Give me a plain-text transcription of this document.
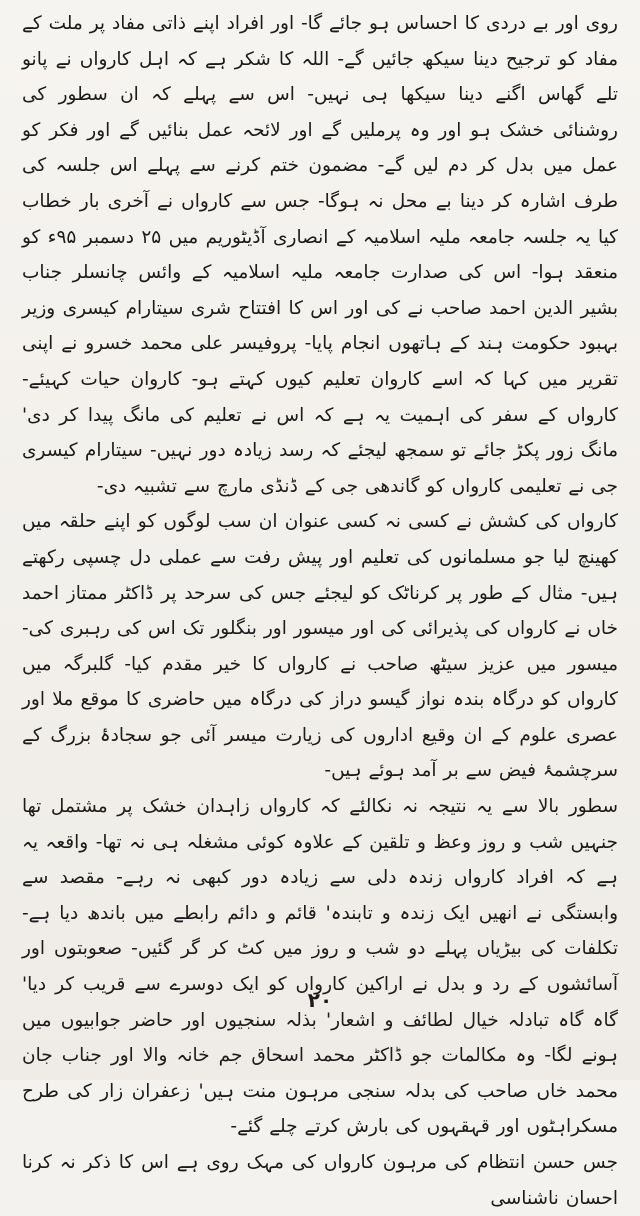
روی اور بے دردی کا احساس ہو جائے گا- اور افراد اپنے ذاتی مفاد پر ملت کے مفاد کو ترجیح دینا سیکھ جائیں گے- اللہ کا شکر ہے کہ اہل کارواں نے پانو تلے گھاس اگنے دینا سیکھا ہی نہیں- اس سے پہلے کہ ان سطور کی روشنائی خشک ہو اور وہ پرملیں گے اور لائحہ عمل بنائیں گے اور فکر کو عمل میں بدل کر دم لیں گے- مضمون ختم کرنے سے پہلے اس جلسہ کی طرف اشارہ کر دینا بے محل نہ ہوگا- جس سے کارواں نے آخری بار خطاب کیا یہ جلسہ جامعہ ملیہ اسلامیہ کے انصاری آڈیٹوریم میں ۲۵ دسمبر ۹۵ء کو منعقد ہوا- اس کی صدارت جامعہ ملیہ اسلامیہ کے وائس چانسلر جناب بشیر الدین احمد صاحب نے کی اور اس کا افتتاح شری سیتارام کیسری وزیر بہبود حکومت ہند کے ہاتھوں انجام پایا- پروفیسر علی محمد خسرو نے اپنی تقریر میں کہا کہ اسے کاروان تعلیم کیوں کہتے ہو- کاروان حیات کہیئے- کارواں کے سفر کی اہمیت یہ ہے کہ اس نے تعلیم کی مانگ پیدا کر دی' مانگ زور پکڑ جائے تو سمجھ لیجئے کہ رسد زیادہ دور نہیں- سیتارام کیسری جی نے تعلیمی کارواں کو گاندھی جی کے ڈنڈی مارچ سے تشبیہ دی-

کارواں کی کشش نے کسی نہ کسی عنوان ان سب لوگوں کو اپنے حلقہ میں کھینچ لیا جو مسلمانوں کی تعلیم اور پیش رفت سے عملی دل چسپی رکھتے ہیں- مثال کے طور پر کرناٹک کو لیجئے جس کی سرحد پر ڈاکٹر ممتاز احمد خاں نے کارواں کی پذیرائی کی اور میسور اور بنگلور تک اس کی رہبری کی- میسور میں عزیز سیٹھ صاحب نے کارواں کا خیر مقدم کیا- گلبرگہ میں کارواں کو درگاہ بندہ نواز گیسو دراز کی درگاہ میں حاضری کا موقع ملا اور عصری علوم کے ان وقیع اداروں کی زیارت میسر آئی جو سجادۂ بزرگ کے سرچشمۂ فیض سے بر آمد ہوئے ہیں-

سطور بالا سے یہ نتیجہ نہ نکالئے کہ کارواں زاہدان خشک پر مشتمل تھا جنہیں شب و روز وعظ و تلقین کے علاوہ کوئی مشغلہ ہی نہ تھا- واقعہ یہ ہے کہ افراد کارواں زندہ دلی سے زیادہ دور کبھی نہ رہے- مقصد سے وابستگی نے انھیں ایک زندہ و تابندہ' قائم و دائم رابطے میں باندھ دیا ہے- تکلفات کی بیڑیاں پہلے دو شب و روز میں کٹ کر گر گئیں- صعوبتوں اور آسائشوں کے رد و بدل نے اراکین کارواں کو ایک دوسرے سے قریب کر دیا' گاہ گاہ تبادلہ خیال لطائف و اشعار' بذلہ سنجیوں اور حاضر جوابیوں میں ہونے لگا- وہ مکالمات جو ڈاکٹر محمد اسحاق جم خانہ والا اور جناب جان محمد خاں صاحب کی بدلہ سنجی مرہون منت ہیں' زعفران زار کی طرح مسکراہٹوں اور قہقہوں کی بارش کرتے چلے گئے-

جس حسن انتظام کی مرہون کارواں کی مہک روی ہے اس کا ذکر نہ کرنا احسان ناشناسی

۲۰
